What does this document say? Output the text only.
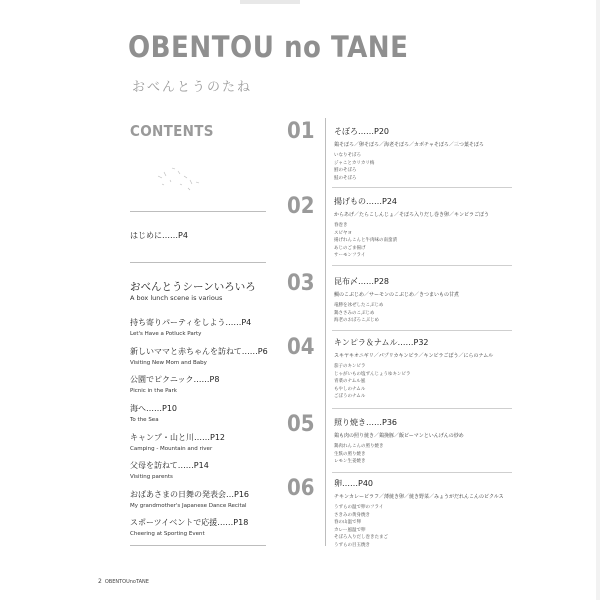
OBENTOU no TANE
おべんとうのたね
CONTENTS
はじめに……P4
おべんとうシーンいろいろ
A box lunch scene is various
持ち寄りパーティをしよう……P4
Let's Have a Potluck Party
新しいママと赤ちゃんを訪ねて……P6
Visiting New Mom and Baby
公園でピクニック……P8
Picnic in the Park
海へ……P10
To the Sea
キャンプ・山と川……P12
Camping - Mountain and river
父母を訪ねて……P14
Visiting parents
おばあさまの日舞の発表会…P16
My grandmother's Japanese Dance Recital
スポーツイベントで応援……P18
Cheering at Sporting Event
01 そぼろ……P20
鶏そぼろ／卵そぼろ／海老そぼろ／カボチャそぼろ／三つ葉そぼろ
いなりそぼろ
ジャことカリカリ梅
鱈のそぼろ
鮭のそぼろ
02 揚げもの……P24
からあげ／たらこしんじょ／そぼろ入りだし巻き卵／キンピラごぼう
春巻き
スピヤヨ
揚げれんこんと牛肉味の南蛮漬
あじのごま揚げ
サーモンフライ
03 昆布〆……P28
鯛のこぶじめ／サーモンのこぶじめ／きつまいもの甘煮
竜勝を冰ぜしたこぶじめ
鶏ささみのこぶじめ
海老のおぼろこぶじめ
04 キンピラ＆ナムル……P32
スキヤキオニギリ／パプリカキンピラ／キンピラごぼう／にらのナムル
茄子のキンピラ
じゃがいもの塩ずんじょうゆキンピラ
青菜のナムル風
もやしのナムル
ごぼうのナムル
05 照り焼き……P36
鶏も肉の照り焼き／鶏挽豚／飯ピーマンといんげんの炒め
鶏肉れんこんの照り焼き
生麩の照り焼き
レモン生姜焼き
06 卵……P40
チキンカレーピラフ／薄焼き卵／焼き野菜／みょうがだれんこんのピクルス
うずらの温で卵のフライ
さきみの黄身焼き
春の山温で卵
カレー風温で卵
そぼろ入りだし巻きたまご
うずらの目玉焼き
2 OBENTOUnoTANE
